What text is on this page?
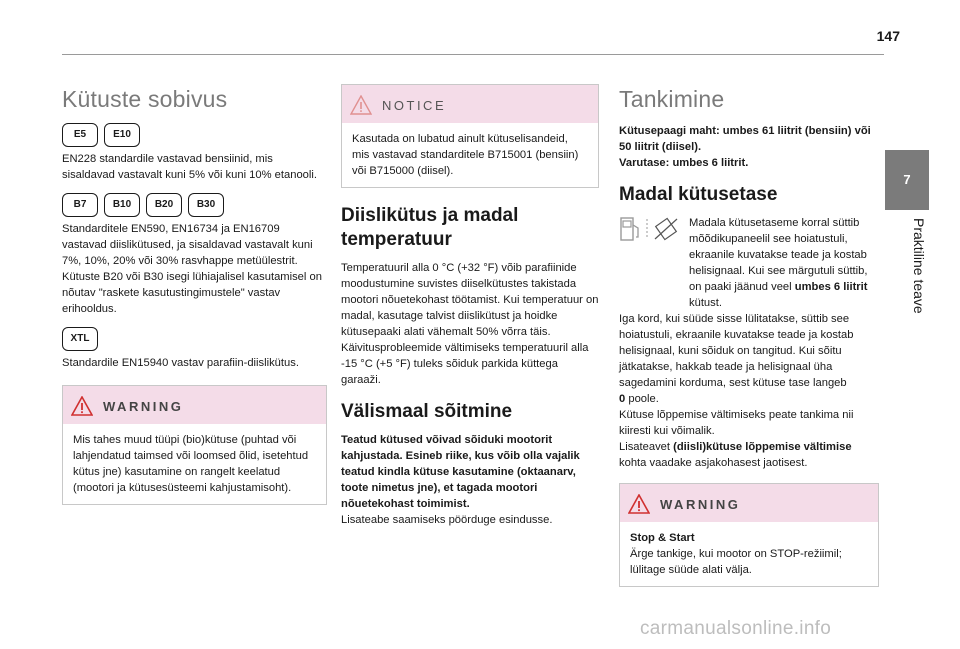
147
7
Praktiline teave
Kütuste sobivus
E5	E10

EN228 standardile vastavad bensiinid, mis sisaldavad vastavalt kuni 5% või kuni 10% etanooli.

B7	B10	B20	B30

Standarditele EN590, EN16734 ja EN16709 vastavad diislikütused, ja sisaldavad vastavalt kuni 7%, 10%, 20% või 30% rasvhappe metüülestrit. Kütuste B20 või B30 isegi lühiajalisel kasutamisel on nõutav "raskete kasutustingimustele" vastav erihooldus.

XTL

Standardile EN15940 vastav parafiin-diislikütus.

WARNING

Mis tahes muud tüüpi (bio)kütuse (puhtad või lahjendatud taimsed või loomsed õlid, isetehtud kütus jne) kasutamine on rangelt keelatud (mootori ja kütusesüsteemi kahjustamisoht).

NOTICE

Kasutada on lubatud ainult kütuselisandeid, mis vastavad standarditele B715001 (bensiin) või B715000 (diisel).

Diislikütus ja madal temperatuur

Temperatuuril alla 0 °C (+32 °F) võib parafiinide moodustumine suvistes diiselkütustes takistada mootori nõuetekohast töötamist. Kui temperatuur on madal, kasutage talvist diislikütust ja hoidke kütusepaaki alati vähemalt 50% võrra täis. Käivitusprobleemide vältimiseks temperatuuril alla -15 °C (+5 °F) tuleks sõiduk parkida küttega garaaži.

Välismaal sõitmine

Teatud kütused võivad sõiduki mootorit kahjustada. Esineb riike, kus võib olla vajalik teatud kindla kütuse kasutamine (oktaanarv, toote nimetus jne), et tagada mootori nõuetekohast toimimist.

Lisateabe saamiseks pöörduge esindusse.

Tankimine

Kütusepaagi maht: umbes 61 liitrit (bensiin) või 50 liitrit (diisel).

Varutase: umbes 6 liitrit.

Madal kütusetase

Madala kütusetaseme korral süttib mõõdikupaneelil see hoiatustuli, ekraanile kuvatakse teade ja kostab helisignaal. Kui see märgutuli süttib, on paaki jäänud veel umbes 6 liitrit kütust.

Iga kord, kui süüde sisse lülitatakse, süttib see hoiatustuli, ekraanile kuvatakse teade ja kostab helisignaal, kuni sõiduk on tangitud. Kui sõitu jätkatakse, hakkab teade ja helisignaal üha sagedamini korduma, sest kütuse tase langeb
0 poole.

Kütuse lõppemise vältimiseks peate tankima nii kiiresti kui võimalik.

Lisateavet (diisli)kütuse lõppemise vältimise
kohta vaadake asjakohasest jaotisest.

WARNING

Stop & Start

Ärge tankige, kui mootor on STOP-režiimil; lülitage süüde alati välja.

carmanualsonline.info
